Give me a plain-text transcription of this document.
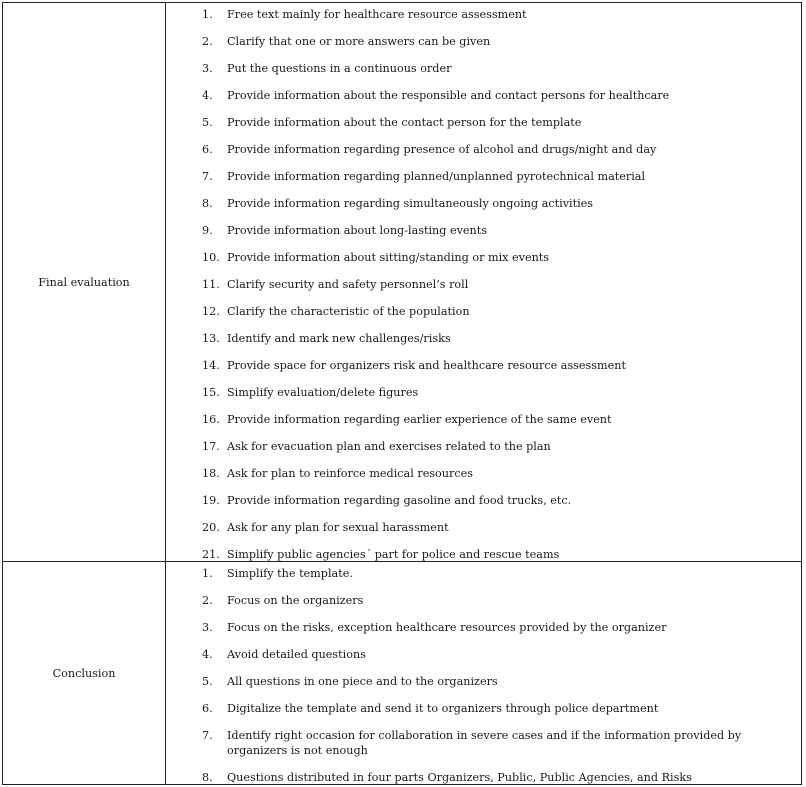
Final evaluation
1.	Free text mainly for healthcare resource assessment
2.	Clarify that one or more answers can be given
3.	Put the questions in a continuous order
4.	Provide information about the responsible and contact persons for healthcare
5.	Provide information about the contact person for the template
6.	Provide information regarding presence of alcohol and drugs/night and day
7.	Provide information regarding planned/unplanned pyrotechnical material
8.	Provide information regarding simultaneously ongoing activities
9.	Provide information about long-lasting events
10. Provide information about sitting/standing or mix events
11. Clarify security and safety personnel’s roll
12. Clarify the characteristic of the population
13. Identify and mark new challenges/risks
14. Provide space for organizers risk and healthcare resource assessment
15. Simplify evaluation/delete figures
16. Provide information regarding earlier experience of the same event
17. Ask for evacuation plan and exercises related to the plan
18. Ask for plan to reinforce medical resources
19. Provide information regarding gasoline and food trucks, etc.
20. Ask for any plan for sexual harassment
21. Simplify public agencies´ part for police and rescue teams
Conclusion
1.	Simplify the template.
2.	Focus on the organizers
3.	Focus on the risks, exception healthcare resources provided by the organizer
4.	Avoid detailed questions
5.	All questions in one piece and to the organizers
6.	Digitalize the template and send it to organizers through police department
7.	Identify right occasion for collaboration in severe cases and if the information provided by organizers is not enough
8.	Questions distributed in four parts Organizers, Public, Public Agencies, and Risks
